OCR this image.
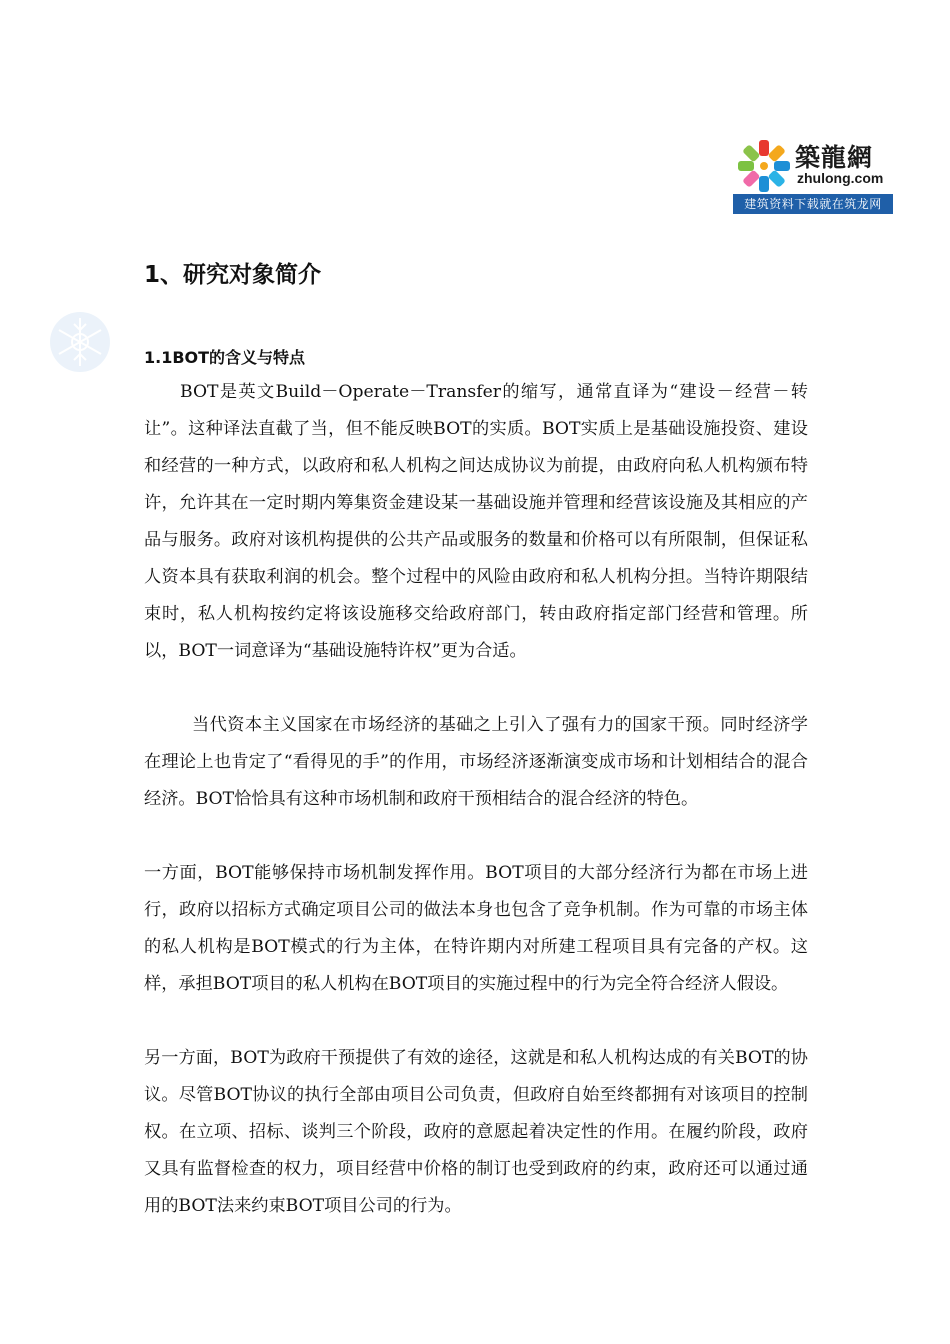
築龍網
zhulong.com
建筑资料下载就在筑龙网
1、研究对象简介
1.1BOT的含义与特点

BOT是英文Build－Operate－Transfer的缩写，通常直译为“建设－经营－转让”。这种译法直截了当，但不能反映BOT的实质。BOT实质上是基础设施投资、建设和经营的一种方式，以政府和私人机构之间达成协议为前提，由政府向私人机构颁布特许，允许其在一定时期内筹集资金建设某一基础设施并管理和经营该设施及其相应的产品与服务。政府对该机构提供的公共产品或服务的数量和价格可以有所限制，但保证私人资本具有获取利润的机会。整个过程中的风险由政府和私人机构分担。当特许期限结束时，私人机构按约定将该设施移交给政府部门，转由政府指定部门经营和管理。所以，BOT一词意译为“基础设施特许权”更为合适。

当代资本主义国家在市场经济的基础之上引入了强有力的国家干预。同时经济学在理论上也肯定了“看得见的手”的作用，市场经济逐渐演变成市场和计划相结合的混合经济。BOT恰恰具有这种市场机制和政府干预相结合的混合经济的特色。

一方面，BOT能够保持市场机制发挥作用。BOT项目的大部分经济行为都在市场上进行，政府以招标方式确定项目公司的做法本身也包含了竞争机制。作为可靠的市场主体的私人机构是BOT模式的行为主体，在特许期内对所建工程项目具有完备的产权。这样，承担BOT项目的私人机构在BOT项目的实施过程中的行为完全符合经济人假设。

另一方面，BOT为政府干预提供了有效的途径，这就是和私人机构达成的有关BOT的协议。尽管BOT协议的执行全部由项目公司负责，但政府自始至终都拥有对该项目的控制权。在立项、招标、谈判三个阶段，政府的意愿起着决定性的作用。在履约阶段，政府又具有监督检查的权力，项目经营中价格的制订也受到政府的约束，政府还可以通过通用的BOT法来约束BOT项目公司的行为。
